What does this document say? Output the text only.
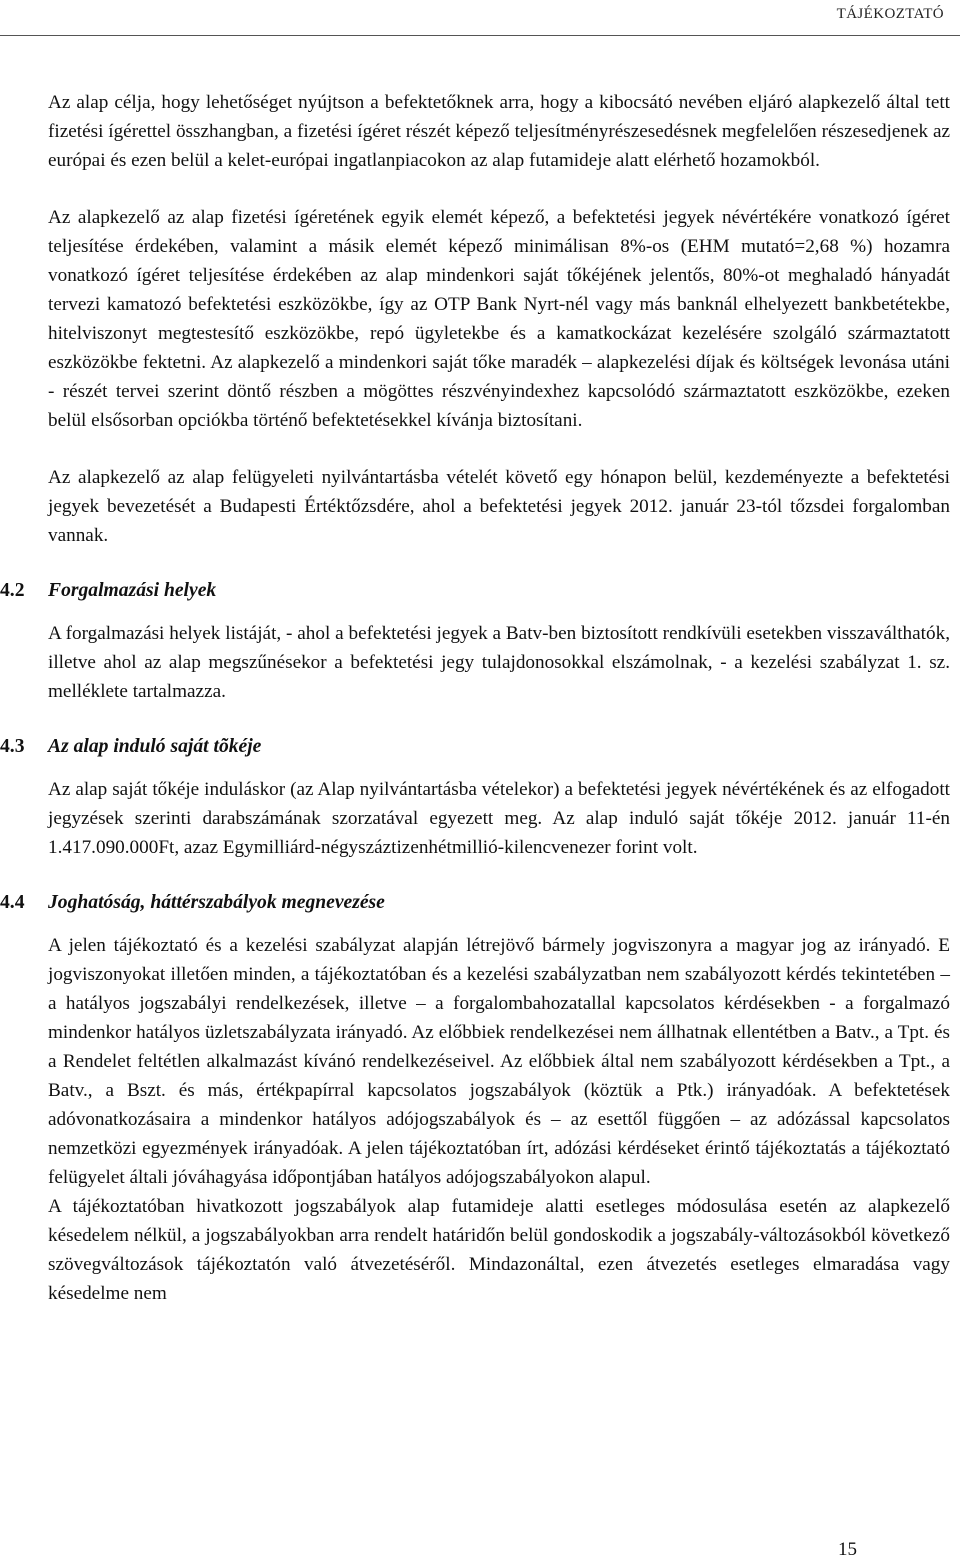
TÁJÉKOZTATÓ

Az alap célja, hogy lehetőséget nyújtson a befektetőknek arra, hogy a kibocsátó nevében eljáró alapkezelő által tett fizetési ígérettel összhangban, a fizetési ígéret részét képező teljesítményrészesedésnek megfelelően részesedjenek az európai és ezen belül a kelet-európai ingatlanpiacokon az alap futamideje alatt elérhető hozamokból.

Az alapkezelő az alap fizetési ígéretének egyik elemét képező, a befektetési jegyek névértékére vonatkozó ígéret teljesítése érdekében, valamint a másik elemét képező minimálisan 8%-os (EHM mutató=2,68 %) hozamra vonatkozó ígéret teljesítése érdekében az alap mindenkori saját tőkéjének jelentős, 80%-ot meghaladó hányadát tervezi kamatozó befektetési eszközökbe, így az OTP Bank Nyrt-nél vagy más banknál elhelyezett bankbetétekbe, hitelviszonyt megtestesítő eszközökbe, repó ügyletekbe és a kamatkockázat kezelésére szolgáló származtatott eszközökbe fektetni. Az alapkezelő a mindenkori saját tőke maradék – alapkezelési díjak és költségek levonása utáni - részét tervei szerint döntő részben a mögöttes részvényindexhez kapcsolódó származtatott eszközökbe, ezeken belül elsősorban opciókba történő befektetésekkel kívánja biztosítani.

Az alapkezelő az alap felügyeleti nyilvántartásba vételét követő egy hónapon belül, kezdeményezte a befektetési jegyek bevezetését a Budapesti Értéktőzsdére, ahol a befektetési jegyek 2012. január 23-tól tőzsdei forgalomban vannak.

4.2 Forgalmazási helyek

A forgalmazási helyek listáját, - ahol a befektetési jegyek a Batv-ben biztosított rendkívüli esetekben visszaválthatók, illetve ahol az alap megszűnésekor a befektetési jegy tulajdonosokkal elszámolnak, - a kezelési szabályzat 1. sz. melléklete tartalmazza.

4.3 Az alap induló saját tõkéje

Az alap saját tőkéje induláskor (az Alap nyilvántartásba vételekor) a befektetési jegyek névértékének és az elfogadott jegyzések szerinti darabszámának szorzatával egyezett meg. Az alap induló saját tőkéje 2012. január 11-én 1.417.090.000Ft, azaz Egymilliárd-négyszáztizenhétmillió-kilencvenezer forint volt.

4.4 Joghatóság, háttérszabályok megnevezése

A jelen tájékoztató és a kezelési szabályzat alapján létrejövő bármely jogviszonyra a magyar jog az irányadó. E jogviszonyokat illetően minden, a tájékoztatóban és a kezelési szabályzatban nem szabályozott kérdés tekintetében – a hatályos jogszabályi rendelkezések, illetve – a forgalombahozatallal kapcsolatos kérdésekben - a forgalmazó mindenkor hatályos üzletszabályzata irányadó. Az előbbiek rendelkezései nem állhatnak ellentétben a Batv., a Tpt. és a Rendelet feltétlen alkalmazást kívánó rendelkezéseivel. Az előbbiek által nem szabályozott kérdésekben a Tpt., a Batv., a Bszt. és más, értékpapírral kapcsolatos jogszabályok (köztük a Ptk.) irányadóak. A befektetések adóvonatkozásaira a mindenkor hatályos adójogszabályok és – az esettől függően – az adózással kapcsolatos nemzetközi egyezmények irányadóak. A jelen tájékoztatóban írt, adózási kérdéseket érintő tájékoztatás a tájékoztató felügyelet általi jóváhagyása időpontjában hatályos adójogszabályokon alapul.

A tájékoztatóban hivatkozott jogszabályok alap futamideje alatti esetleges módosulása esetén az alapkezelő késedelem nélkül, a jogszabályokban arra rendelt határidőn belül gondoskodik a jogszabály-változásokból következő szövegváltozások tájékoztatón való átvezetéséről. Mindazonáltal, ezen átvezetés esetleges elmaradása vagy késedelme nem

15
